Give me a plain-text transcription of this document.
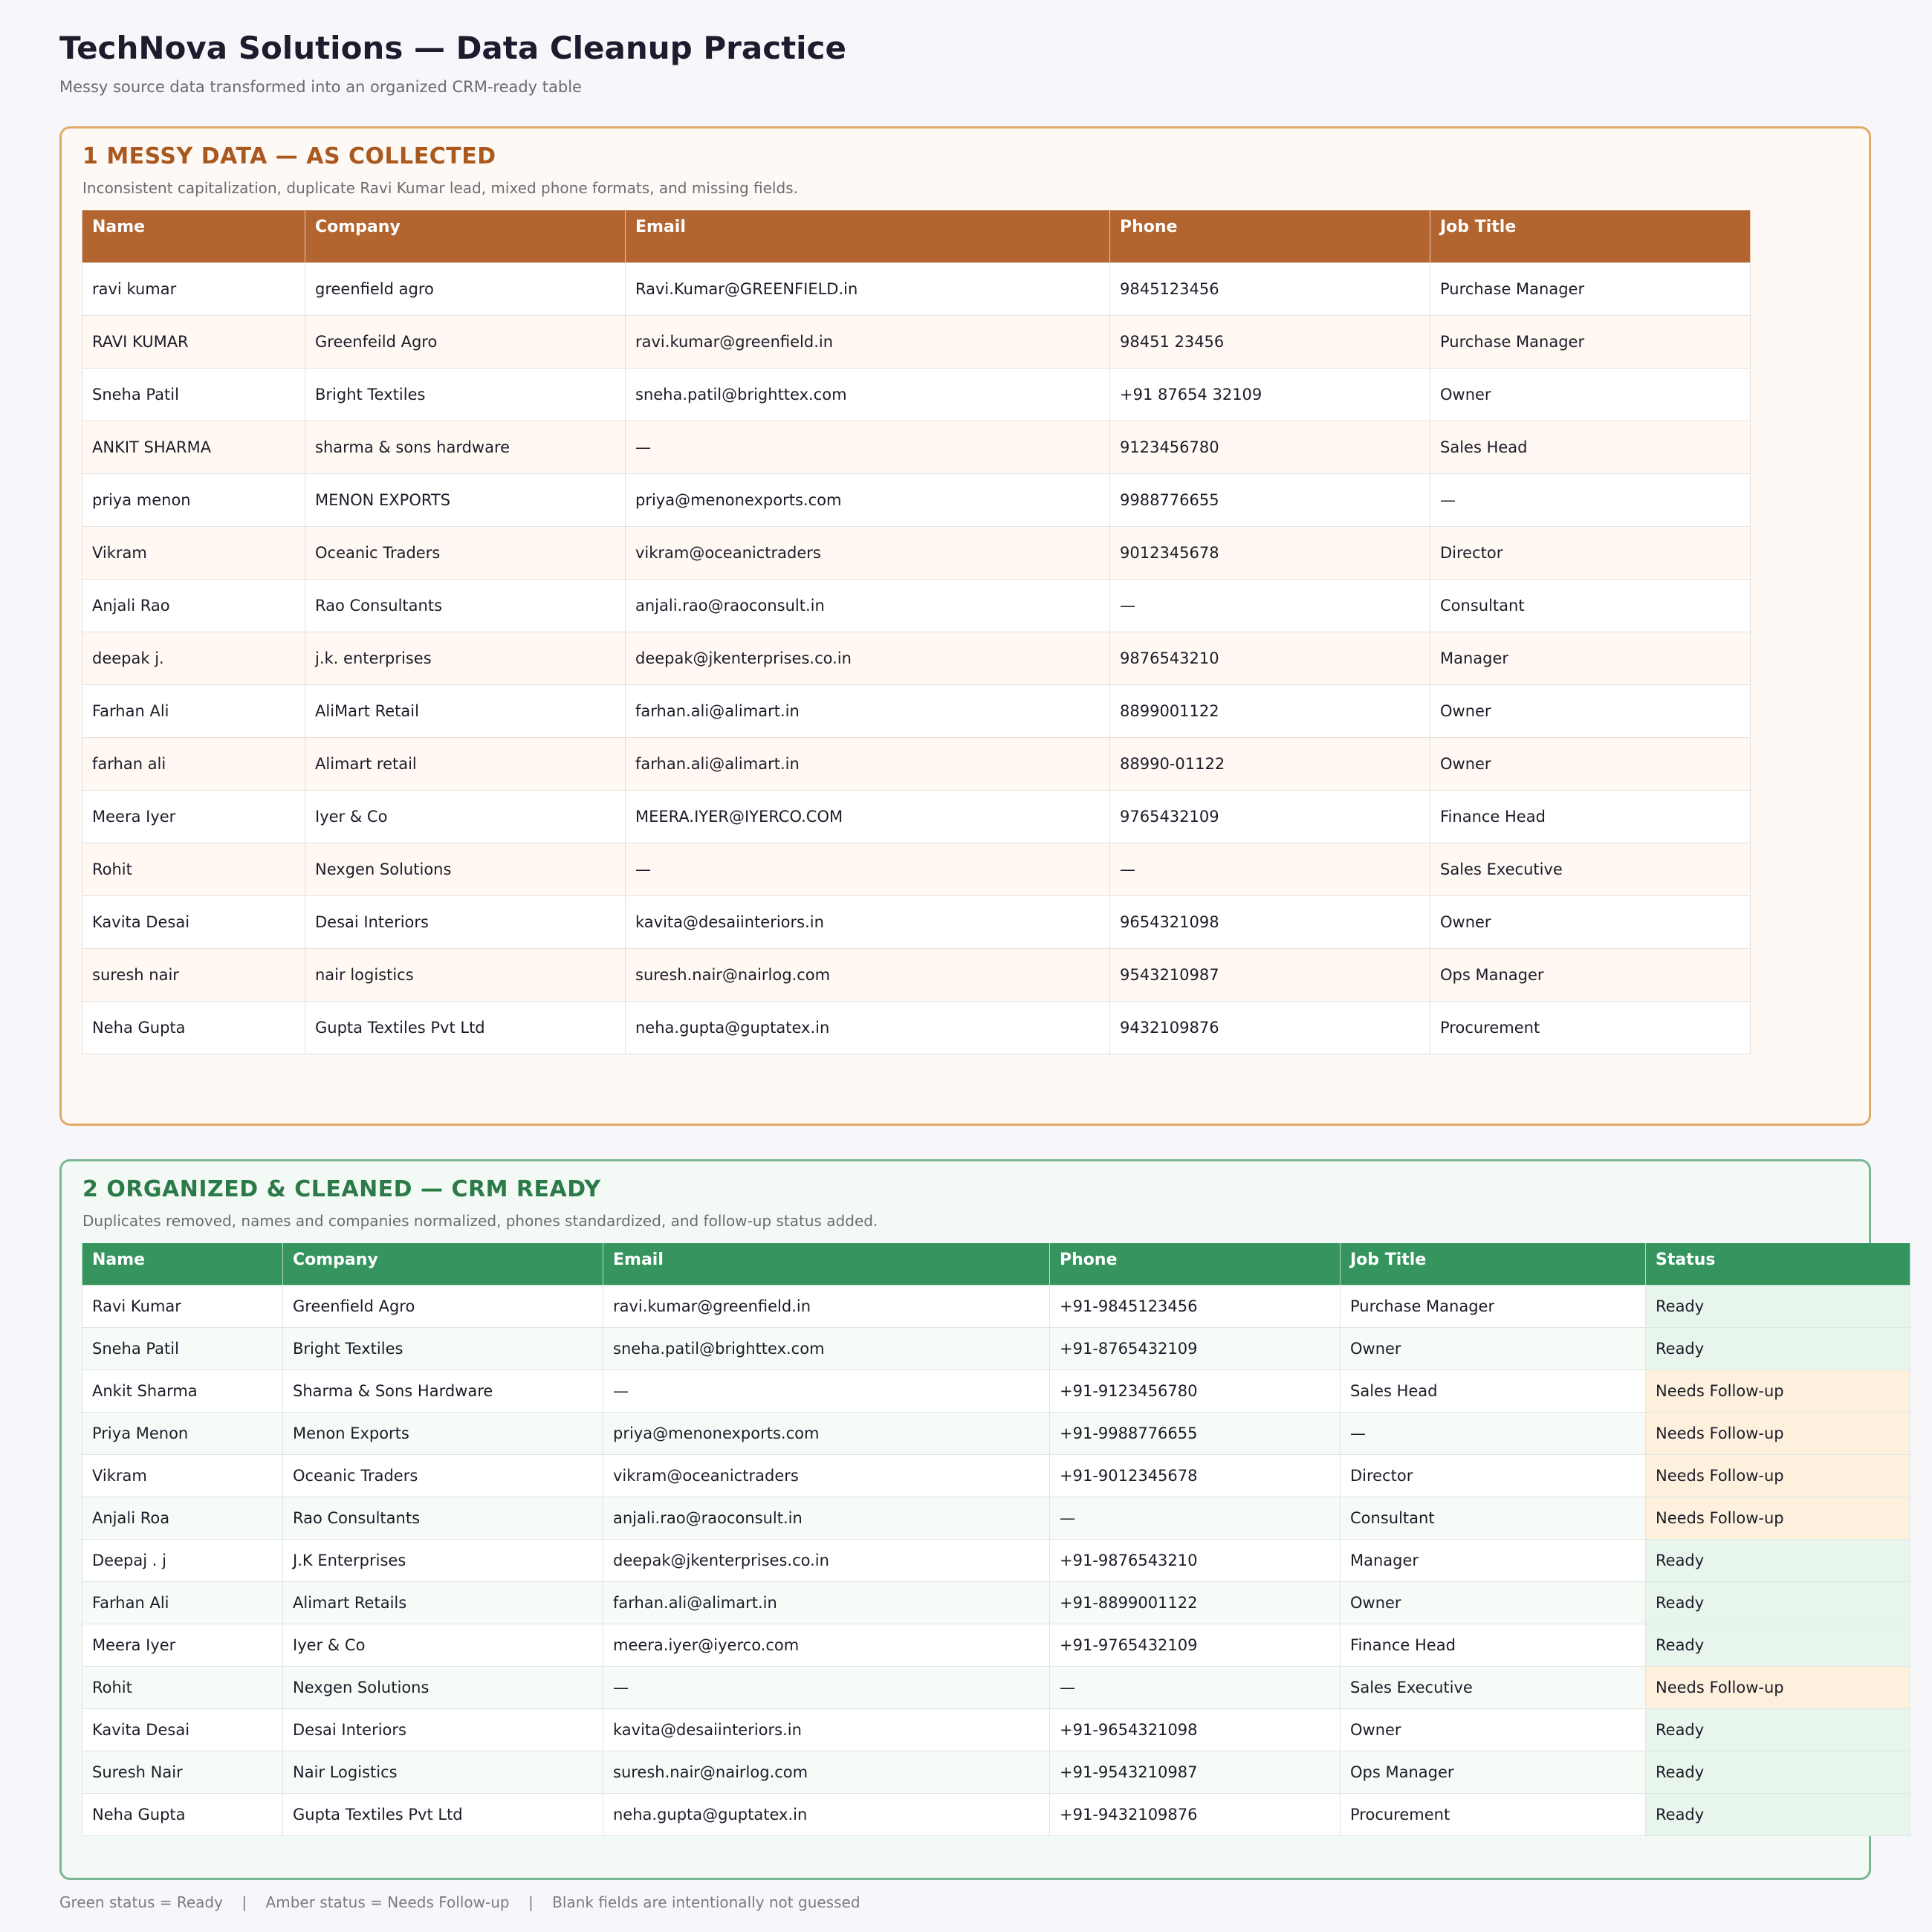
TechNova Solutions — Data Cleanup Practice

Messy source data transformed into an organized CRM-ready table

1 MESSY DATA — AS COLLECTED

Inconsistent capitalization, duplicate Ravi Kumar lead, mixed phone formats, and missing fields.

Name	Company	Email	Phone	Job Title
ravi kumar	greenfield agro	Ravi.Kumar@GREENFIELD.in	9845123456	Purchase Manager
RAVI KUMAR	Greenfeild Agro	ravi.kumar@greenfield.in	98451 23456	Purchase Manager
Sneha Patil	Bright Textiles	sneha.patil@brighttex.com	+91 87654 32109	Owner
ANKIT SHARMA	sharma & sons hardware	—	9123456780	Sales Head
priya menon	MENON EXPORTS	priya@menonexports.com	9988776655	—
Vikram	Oceanic Traders	vikram@oceanictraders	9012345678	Director
Anjali Rao	Rao Consultants	anjali.rao@raoconsult.in	—	Consultant
deepak j.	j.k. enterprises	deepak@jkenterprises.co.in	9876543210	Manager
Farhan Ali	AliMart Retail	farhan.ali@alimart.in	8899001122	Owner
farhan ali	Alimart retail	farhan.ali@alimart.in	88990-01122	Owner
Meera Iyer	Iyer & Co	MEERA.IYER@IYERCO.COM	9765432109	Finance Head
Rohit	Nexgen Solutions	—	—	Sales Executive
Kavita Desai	Desai Interiors	kavita@desaiinteriors.in	9654321098	Owner
suresh nair	nair logistics	suresh.nair@nairlog.com	9543210987	Ops Manager
Neha Gupta	Gupta Textiles Pvt Ltd	neha.gupta@guptatex.in	9432109876	Procurement
2 ORGANIZED & CLEANED — CRM READY

Duplicates removed, names and companies normalized, phones standardized, and follow-up status added.

Name	Company	Email	Phone	Job Title	Status
Ravi Kumar	Greenfield Agro	ravi.kumar@greenfield.in	+91-9845123456	Purchase Manager	Ready
Sneha Patil	Bright Textiles	sneha.patil@brighttex.com	+91-8765432109	Owner	Ready
Ankit Sharma	Sharma & Sons Hardware	—	+91-9123456780	Sales Head	Needs Follow-up
Priya Menon	Menon Exports	priya@menonexports.com	+91-9988776655	—	Needs Follow-up
Vikram	Oceanic Traders	vikram@oceanictraders	+91-9012345678	Director	Needs Follow-up
Anjali Roa	Rao Consultants	anjali.rao@raoconsult.in	—	Consultant	Needs Follow-up
Deepaj . j	J.K Enterprises	deepak@jkenterprises.co.in	+91-9876543210	Manager	Ready
Farhan Ali	Alimart Retails	farhan.ali@alimart.in	+91-8899001122	Owner	Ready
Meera Iyer	Iyer & Co	meera.iyer@iyerco.com	+91-9765432109	Finance Head	Ready
Rohit	Nexgen Solutions	—	—	Sales Executive	Needs Follow-up
Kavita Desai	Desai Interiors	kavita@desaiinteriors.in	+91-9654321098	Owner	Ready
Suresh Nair	Nair Logistics	suresh.nair@nairlog.com	+91-9543210987	Ops Manager	Ready
Neha Gupta	Gupta Textiles Pvt Ltd	neha.gupta@guptatex.in	+91-9432109876	Procurement	Ready

Green status = Ready    |    Amber status = Needs Follow-up    |    Blank fields are intentionally not guessed
